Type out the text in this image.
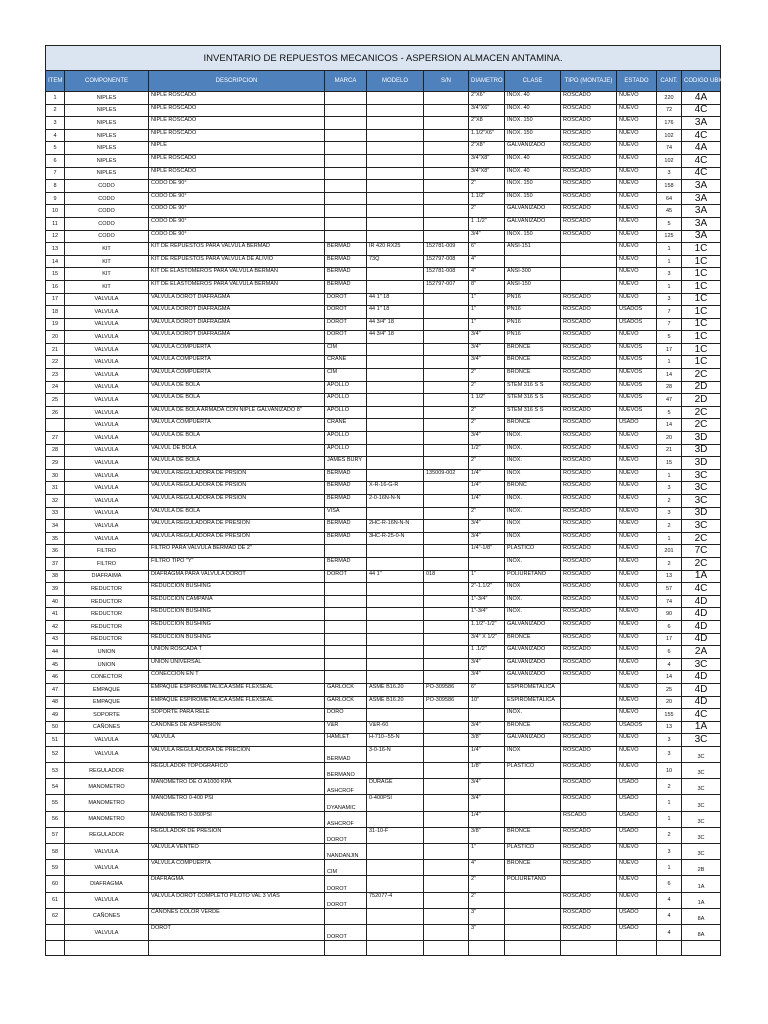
INVENTARIO DE REPUESTOS MECANICOS - ASPERSION ALMACEN ANTAMINA.											
ITEM	COMPONENTE	DESCRIPCION	MARCA	MODELO	S/N	DIAMETRO	CLASE	TIPO (MONTAJE)	ESTADO	CANT.	CODIGO UBIC.
1	NIPLES	NIPLE ROSCADO				2"X6"	INOX. 40	ROSCADO	NUEVO	220	4A
2	NIPLES	NIPLE ROSCADO				3/4"X6"	INOX. 40	ROSCADO	NUEVO	72	4C
3	NIPLES	NIPLE ROSCADO				2"X8	INOX. 150	ROSCADO	NUEVO	176	3A
4	NIPLES	NIPLE ROSCADO				1.1/2"X6"	INOX. 150	ROSCADO	NUEVO	102	4C
5	NIPLES	NIPLE				2"X8"	GALVANIZADO	ROSCADO	NUEVO	74	4A
6	NIPLES	NIPLE ROSCADO				3/4"X8"	INOX. 40	ROSCADO	NUEVO	102	4C
7	NIPLES	NIPLE ROSCADO				3/4"X8"	INOX. 40	ROSCADO	NUEVO	3	4C
8	CODO	CODO DE 90°				2"	INOX. 150	ROSCADO	NUEVO	158	3A
9	CODO	CODO DE 90°				1.1/2"	INOX. 150	ROSCADO	NUEVO	64	3A
10	CODO	CODO DE 90°				2"	GALVANIZADO	ROSCADO	NUEVO	45	3A
11	CODO	CODO DE 90°				1 .1/2"	GALVANIZADO	ROSCADO	NUEVO	5	3A
12	CODO	CODO DE 90°				3/4"	INOX. 150	ROSCADO	NUEVO	125	3A
13	KIT	KIT DE REPUESTOS PARA VALVULA BERMAD	BERMAD	IR 420 RX25	152781-009	6"	ANSI-151		NUEVO	1	1C
14	KIT	KIT DE REPUESTOS PARA VALVULA DE ALIVIO	BERMAD	73Q	152797-008	4"			NUEVO	1	1C
15	KIT	KIT DE ELASTOMEROS PARA VALVULA BERMAN	BERMAD		152781-008	4"	ANSI-300		NUEVO	3	1C
16	KIT	KIT DE ELASTOMEROS PARA VALVULA BERMAN	BERMAD		152797-007	8"	ANSI-150		NUEVO	1	1C
17	VALVULA	VALVULA DOROT DIAFRAGMA	DOROT	44 1" 18		1"	PN16	ROSCADO	NUEVO	3	1C
18	VALVULA	VALVULA DOROT DIAFRAGMA	DOROT	44 1" 18		1"	PN16	ROSCADO	USADOS	7	1C
19	VALVULA	VALVULA DOROT DIAFRAGMA	DOROT	44 3/4" 18		1"	PN16	ROSCADO	USADOS	7	1C
20	VALVULA	VALVULA DOROT DIAFRAGMA	DOROT	44 3/4" 18		3/4"	PN16	ROSCADO	NUEVO	5	1C
21	VALVULA	VALVULA COMPUERTA	CIM			3/4"	BRONCE	ROSCADO	NUEVOS	17	1C
22	VALVULA	VALVULA COMPUERTA	CRANE			3/4"	BRONCE	ROSCADO	NUEVOS	1	1C
23	VALVULA	VALVULA COMPUERTA	CIM			2"	BRONCE	ROSCADO	NUEVOS	14	2C
24	VALVULA	VALVULA DE BOLA	APOLLO			2"	STEM 316 S S	ROSCADO	NUEVOS	28	2D
25	VALVULA	VALVULA DE BOLA	APOLLO			1 1/2"	STEM 316 S S	ROSCADO	NUEVOS	47	2D
26	VALVULA	VALVULA DE BOLA ARMADA CON NIPLE GALVANIZADO 8"	APOLLO			2"	STEM 316 S S	ROSCADO	NUEVOS	5	2C
	VALVULA	VALVULA COMPUERTA	CRANE			2"	BRONCE	ROSCADO	USADO	14	2C
27	VALVULA	VALVULA DE BOLA	APOLLO			3/4"	INOX.	ROSCADO	NUEVO	20	3D
28	VALVULA	VALVUL DE BOLA	APOLLO			1/2"	INOX.	ROSCADO	NUEVO	21	3D
29	VALVULA	VALVULA DE BOLA	JAMES BURY			2"	INOX.	ROSCADO	NUEVO	15	3D
30	VALVULA	VALVULA REGULADORA DE PRSION	BERMAD		135009-002	1/4"	INOX	ROSCADO	NUEVO	1	3C
31	VALVULA	VALVULA REGULADORA DE PRSION	BERMAD	X-R-16-G-R		1/4"	BRONC	ROSCADO	NUEVO	3	3C
32	VALVULA	VALVULA REGULADORA DE PRSION	BERMAD	2-0-16N-N-N		1/4"	INOX.	ROSCADO	NUEVO	2	3C
33	VALVULA	VALVULA DE BOLA	VISA			2"	INOX.	ROSCADO	NUEVO	3	3D
34	VALVULA	VALVULA REGULADORA DE PRESION	BERMAD	2HC-R-16N-N-N		3/4"	INOX	ROSCADO	NUEVO	2	3C
35	VALVULA	VALVULA REGULADORA DE PRESION	BERMAD	3HC-R-25-0-N		3/4"	INOX	ROSCADO	NUEVO	1	2C
36	FILTRO	FILTRO PARA VALVULA BERMAD DE 2"				1/4"-1/8"	PLASTICO	ROSCADO	NUEVO	201	7C
37	FILTRO	FILTRO TIPO "Y"	BERMAD				INOX.	ROSCADO	NUEVO	2	2C
38	DIAFRAIMA	DIAFRAGMA PARA VALVULA DOROT	DOROT	44 1"	018	1"	POLIURETANO	ROSCADO	NUEVO	13	1A
39	REDUCTOR	REDUCCION BUSHING				2"-1.1/2"	INOX	ROSCADO	NUEVO	57	4C
40	REDUCTOR	REDUCCION CAMPANA				1"-3/4"	INOX.	ROSCADO	NUEVO	74	4D
41	REDUCTOR	REDUCCION BUSHING				1"-3/4"	INOX.	ROSCADO	NUEVO	90	4D
42	REDUCTOR	REDUCCION BUSHING				1.1/2"-1/2"	GALVANIZADO	ROSCADO	NUEVO	6	4D
43	REDUCTOR	REDUCCION BUSHING				3/4" X 1/2"	BRONCE	ROSCADO	NUEVO	17	4D
44	UNION	UNION ROSCADA T				1 .1/2"	GALVANIZADO	ROSCADO	NUEVO	6	2A
45	UNION	UNION UNIVERSAL				3/4"	GALVANIZADO	ROSCADO	NUEVO	4	3C
46	CONECTOR	CONECCION EN T				3/4"	GALVANIZADO	ROSCADO	NUEVO	14	4D
47	EMPAQUE	EMPAQUE ESPIROMETALICA ASME FLEXSEAL	GARLOCK	ASME B16.20	PO-309586	6"	ESPIROMETALICA		NUEVO	25	4D
48	EMPAQUE	EMPAQUE ESPIROMETALICA ASME FLEXSEAL	GARLOCK	ASME B16.20	PO-309586	10"	ESPIROMETALICA		NUEVO	20	4D
49	SOPORTE	SOPORTE PARA RELÉ	DORO				INOX.		NUEVO	155	4C
50	CAÑONES	CAÑONES DE ASPERSION	V&R	V&R-60		3/4"	BRONCE	ROSCADO	USADOS	13	1A
51	VALVULA	VALVULA	HAMLET	H-710--55-N		3/8"	GALVANIZADO	ROSCADO	NUEVO	3	3C
52	VALVULA	VALVULA REGULADORA DE PRECION	BERMAD	3-0-16-N		1/4"	INOX	ROSCADO	NUEVO	3	3C
53	REGULADOR	REGULADOR TOPOGRAFICO	BERMANO			1/8"	PLASTICO	ROSCADO	NUEVO	10	3C
54	MANOMETRO	MANOMETRO DE O A1000 KPA	ASHCROF	DURAGE		3/4"		ROSCADO	USADO	2	3C
55	MANOMETRO	MANOMETRO 0-400 PSI	DYANAMIC	0-400PSI		3/4"		ROSCADO	USADO	1	3C
56	MANOMETRO	MANOMETRO 0-300PSI	ASHCROF			1/4"		RSCADO	USADO	1	3C
57	REGULADOR	REGULADOR DE PRESION	DOROT	31-10-F		3/8"	BRONCE	ROSCADO	USADO	2	3C
58	VALVULA	VALVULA VENTEO	NANDANJIN			1"	PLASTICO	ROSCADO	NUEVO	3	3C
59	VALVULA	VALVULA COMPUERTA	CIM			4"	BRONCE	ROSCADO	NUEVO	1	2B
60	DIAFRAGMA	DIAFRAGMA	DOROT			2"	POLIURETANO		NUEVO	6	1A
61	VALVULA	VALVULA DOROT COMPLETO PILOTO VAL 3 VIAS	DOROT	752077-4		2"		ROSCADO	NUEVO	4	1A
62	CAÑONES	CAÑONES COLOR VERDE				3"		ROSCADO	USADO	4	8A
	VALVULA	DOROT	DOROT			3"		ROSCADO	USADO	4	8A
